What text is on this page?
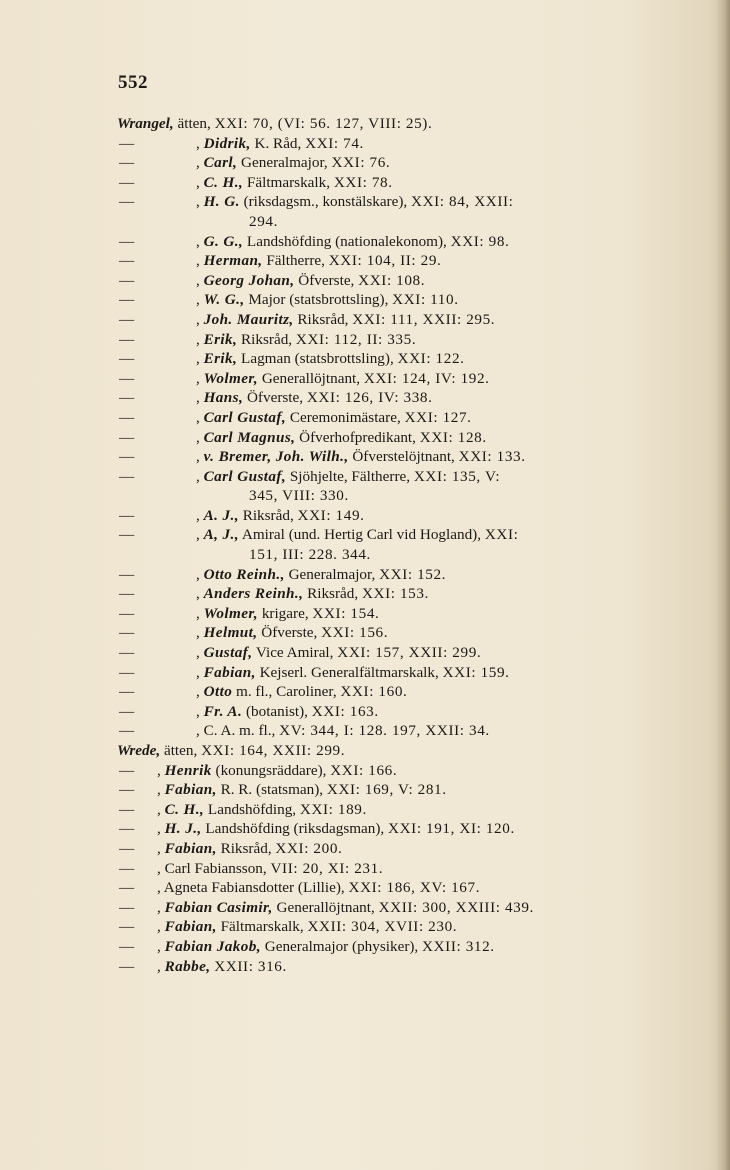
552
Wrangel, ätten, XXI: 70, (VI: 56. 127, VIII: 25).
—	, Didrik, K. Råd, XXI: 74.
—	, Carl, Generalmajor, XXI: 76.
—	, C. H., Fältmarskalk, XXI: 78.
—	, H. G. (riksdagsm., konstälskare), XXI: 84, XXII:
294.
—	, G. G., Landshöfding (nationalekonom), XXI: 98.
—	, Herman, Fältherre, XXI: 104, II: 29.
—	, Georg Johan, Öfverste, XXI: 108.
—	, W. G., Major (statsbrottsling), XXI: 110.
—	, Joh. Mauritz, Riksråd, XXI: 111, XXII: 295.
—	, Erik, Riksråd, XXI: 112, II: 335.
—	, Erik, Lagman (statsbrottsling), XXI: 122.
—	, Wolmer, Generallöjtnant, XXI: 124, IV: 192.
—	, Hans, Öfverste, XXI: 126, IV: 338.
—	, Carl Gustaf, Ceremonimästare, XXI: 127.
—	, Carl Magnus, Öfverhofpredikant, XXI: 128.
—	, v. Bremer, Joh. Wilh., Öfverstelöjtnant, XXI: 133.
—	, Carl Gustaf, Sjöhjelte, Fältherre, XXI: 135, V:
345, VIII: 330.
—	, A. J., Riksråd, XXI: 149.
—	, A, J., Amiral (und. Hertig Carl vid Hogland), XXI:
151, III: 228. 344.
—	, Otto Reinh., Generalmajor, XXI: 152.
—	, Anders Reinh., Riksråd, XXI: 153.
—	, Wolmer, krigare, XXI: 154.
—	, Helmut, Öfverste, XXI: 156.
—	, Gustaf, Vice Amiral, XXI: 157, XXII: 299.
—	, Fabian, Kejserl. Generalfältmarskalk, XXI: 159.
—	, Otto m. fl., Caroliner, XXI: 160.
—	, Fr. A. (botanist), XXI: 163.
—	, C. A. m. fl., XV: 344, I: 128. 197, XXII: 34.
Wrede, ätten, XXI: 164, XXII: 299.
— , Henrik (konungsräddare), XXI: 166.
— , Fabian, R. R. (statsman), XXI: 169, V: 281.
— , C. H., Landshöfding, XXI: 189.
— , H. J., Landshöfding (riksdagsman), XXI: 191, XI: 120.
— , Fabian, Riksråd, XXI: 200.
— , Carl Fabiansson, VII: 20, XI: 231.
— , Agneta Fabiansdotter (Lillie), XXI: 186, XV: 167.
— , Fabian Casimir, Generallöjtnant, XXII: 300, XXIII: 439.
— , Fabian, Fältmarskalk, XXII: 304, XVII: 230.
— , Fabian Jakob, Generalmajor (physiker), XXII: 312.
— , Rabbe, XXII: 316.
